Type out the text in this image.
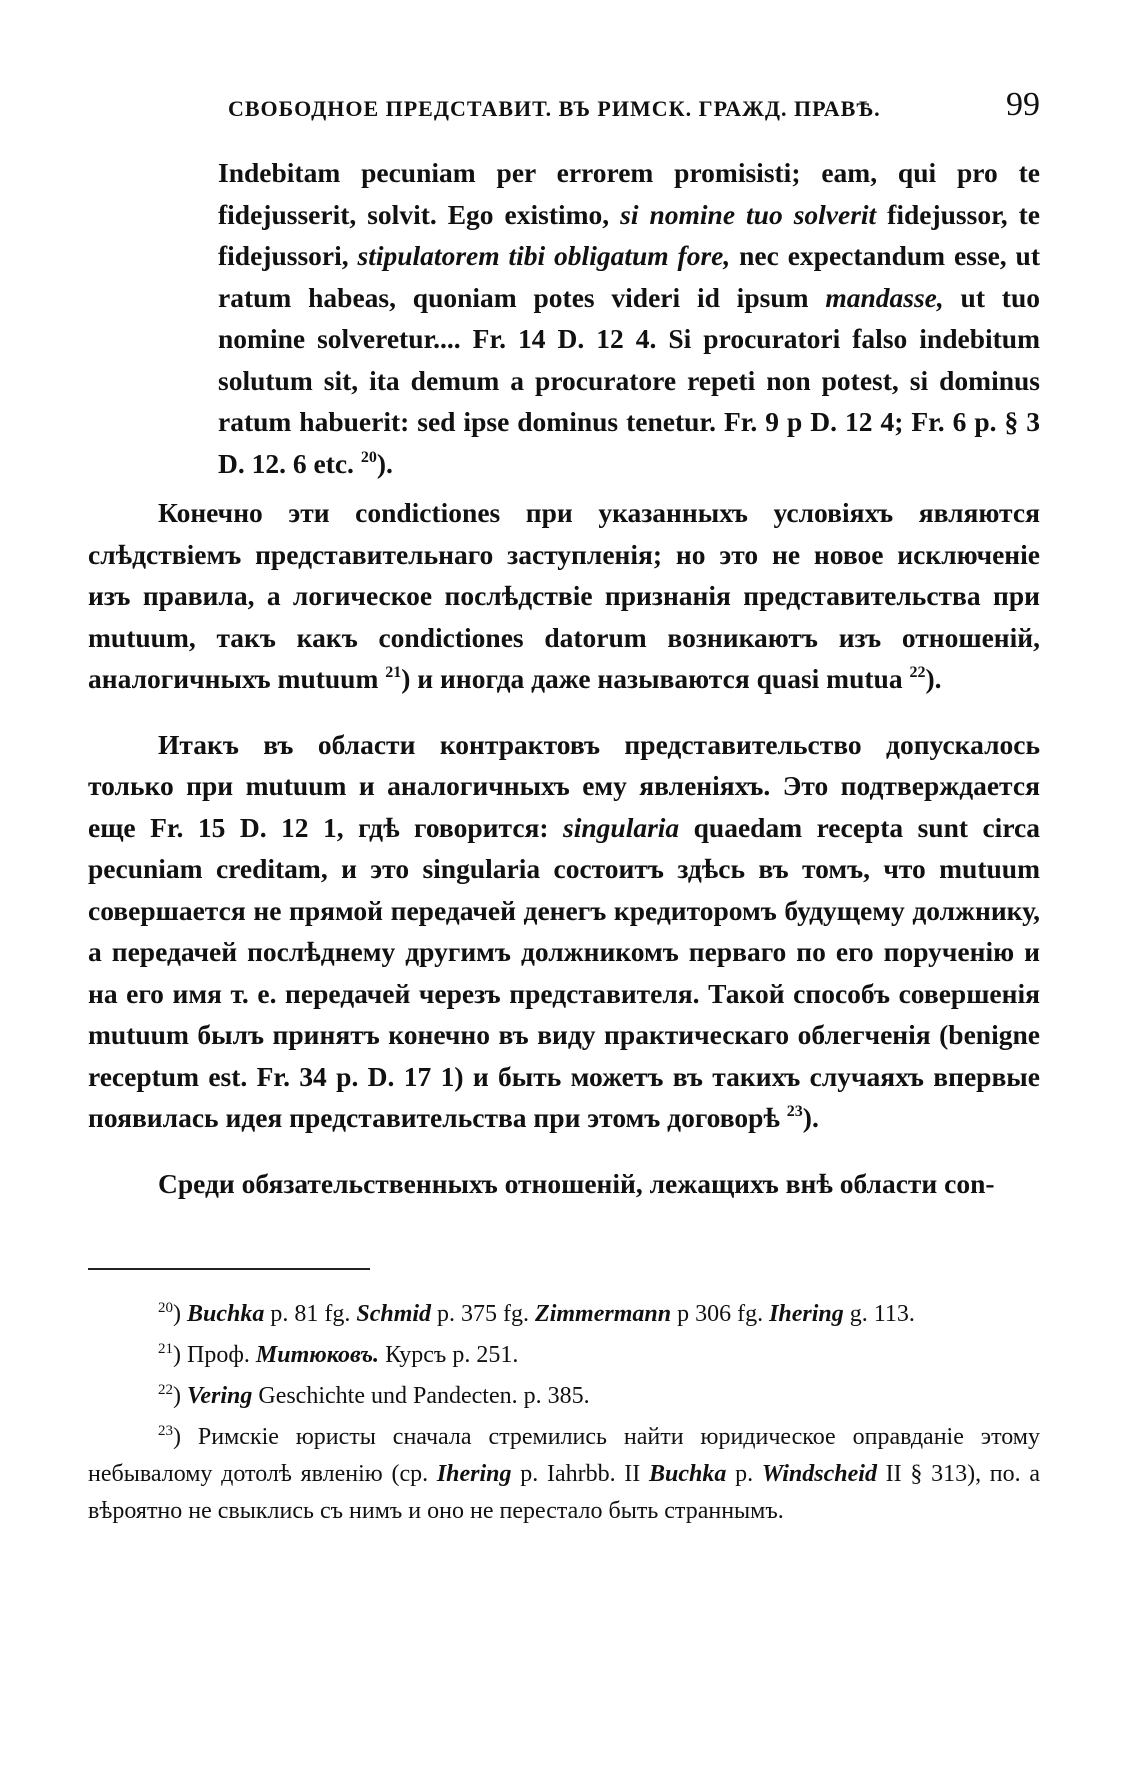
СВОБОДНОЕ ПРЕДСТАВИТ. ВЪ РИМСК. ГРАЖД. ПРАВѢ.	99
Indebitam pecuniam per errorem promisisti; eam, qui pro te fidejusserit, solvit. Ego existimo, si nomine tuo solverit fidejussor, te fidejussori, stipulatorem tibi obligatum fore, nec expectandum esse, ut ratum habeas, quoniam potes videri id ipsum mandasse, ut tuo nomine solveretur.... Fr. 14 D. 12 4. Si procuratori falso indebitum solutum sit, ita demum a procuratore repeti non potest, si dominus ratum habuerit: sed ipse dominus tenetur. Fr. 9 p D. 12 4; Fr. 6 p. § 3 D. 12. 6 etc. $^{20}$).

Конечно эти condictiones при указанныхъ условіяхъ являются слѣдствіемъ представительнаго заступленія; но это не новое исключеніе изъ правила, а логическое послѣдствіе признанія представительства при mutuum, такъ какъ condictiones datorum возникаютъ изъ отношеній, аналогичныхъ mutuum $^{21}$) и иногда даже называются quasi mutua $^{22}$).

Итакъ въ области контрактовъ представительство допускалось только при mutuum и аналогичныхъ ему явленіяхъ. Это подтверждается еще Fr. 15 D. 12 1, гдѣ говорится: singularia quaedam recepta sunt circa pecuniam creditam, и это singularia состоитъ здѣсь въ томъ, что mutuum совершается не прямой передачей денегъ кредиторомъ будущему должнику, а передачей послѣднему другимъ должникомъ перваго по его порученію и на его имя т. е. передачей черезъ представителя. Такой способъ совершенія mutuum былъ принятъ конечно въ виду практическаго облегченія (benigne receptum est. Fr. 34 p. D. 17 1) и быть можетъ въ такихъ случаяхъ впервые появилась идея представительства при этомъ договорѣ $^{23}$).

Среди обязательственныхъ отношеній, лежащихъ внѣ области con-

$^{20}$) Buchka p. 81 fg. Schmid p. 375 fg. Zimmermann p 306 fg. Ihering g. 113.

$^{21}$) Проф. Митюковъ. Курсъ p. 251.

$^{22}$) Vering Geschichte und Pandecten. p. 385.

$^{23}$) Римскіе юристы сначала стремились найти юридическое оправданіе этому небывалому дотолѣ явленію (ср. Ihering p. Iahrbb. II Buchka p. Windscheid II § 313), по. а вѣроятно не свыклись съ нимъ и оно не перестало быть страннымъ.
